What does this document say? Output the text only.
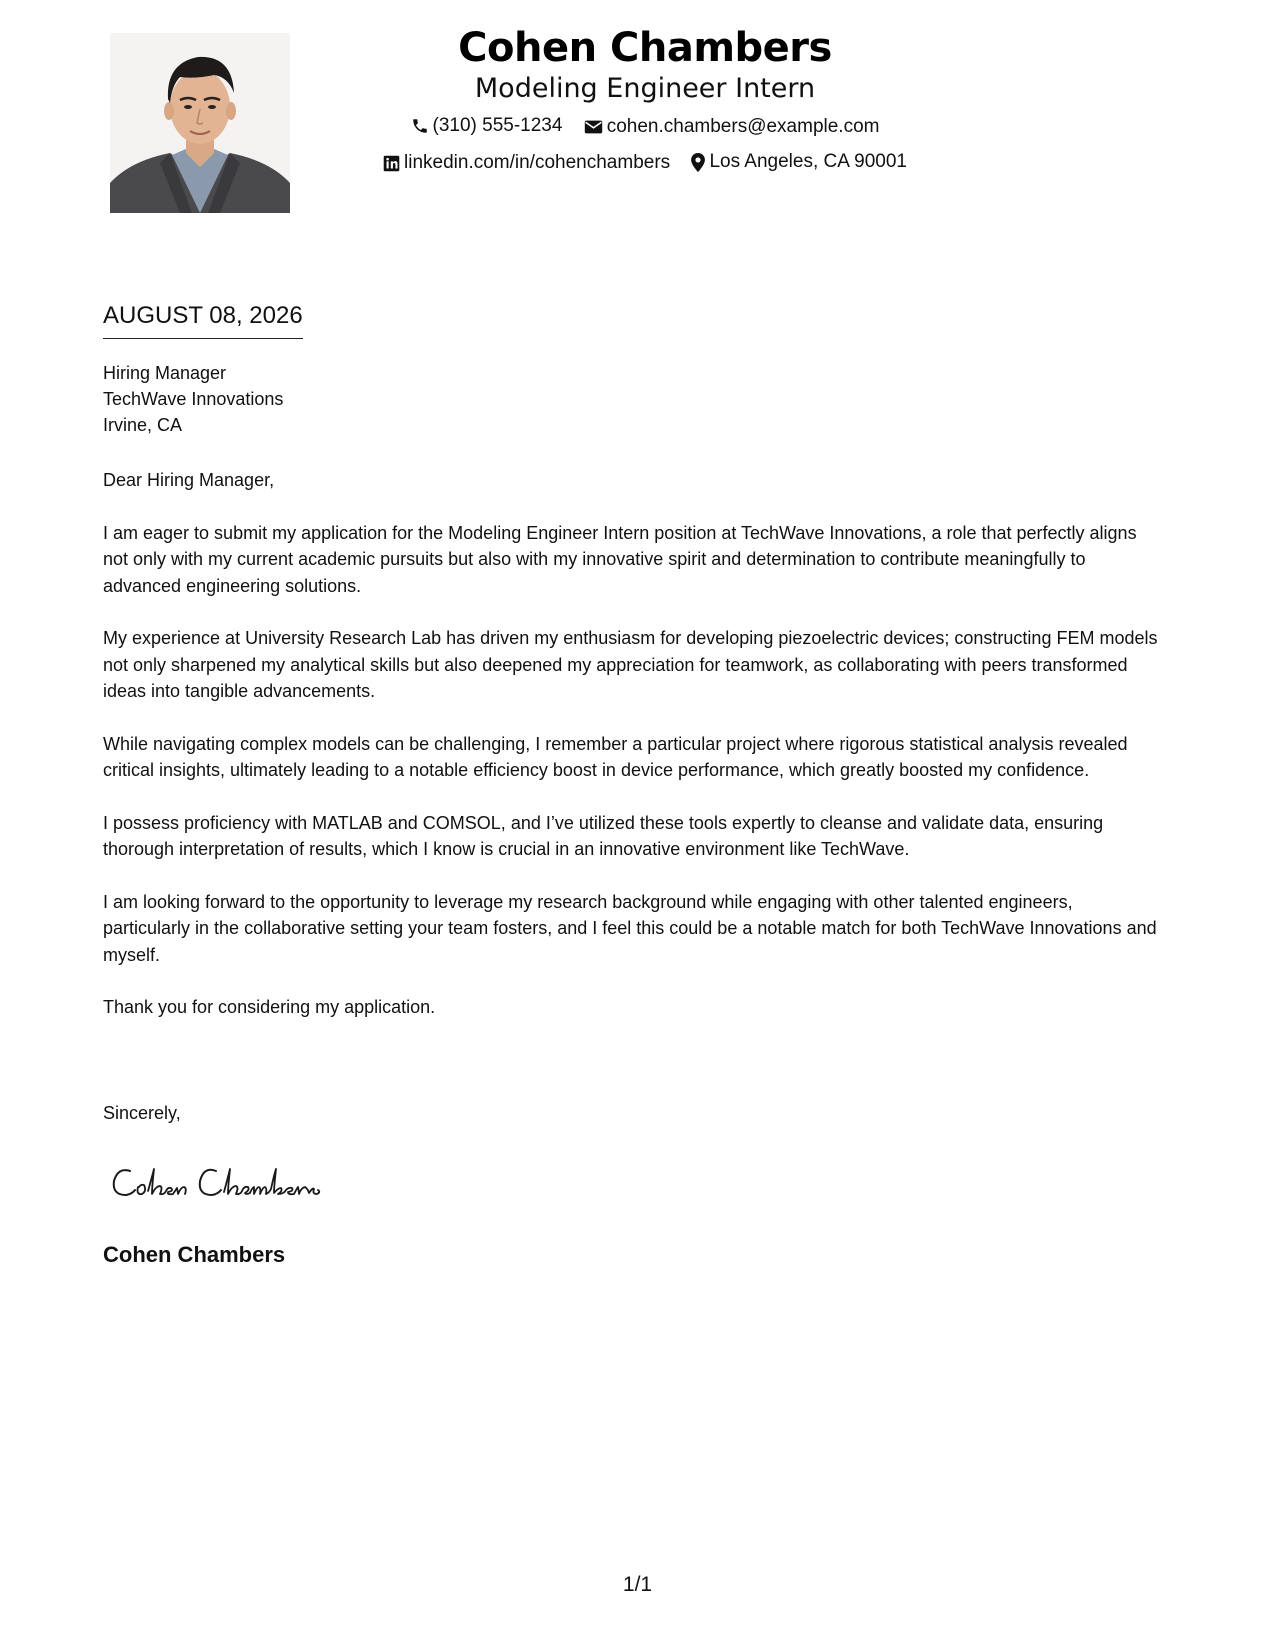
Cohen Chambers
Modeling Engineer Intern
(310) 555-1234
cohen.chambers@example.com
linkedin.com/in/cohenchambers
Los Angeles, CA 90001
AUGUST 08, 2026
Hiring Manager
TechWave Innovations
Irvine, CA

Dear Hiring Manager,

I am eager to submit my application for the Modeling Engineer Intern position at TechWave Innovations, a role that perfectly aligns not only with my current academic pursuits but also with my innovative spirit and determination to contribute meaningfully to advanced engineering solutions.

My experience at University Research Lab has driven my enthusiasm for developing piezoelectric devices; constructing FEM models not only sharpened my analytical skills but also deepened my appreciation for teamwork, as collaborating with peers transformed ideas into tangible advancements.

While navigating complex models can be challenging, I remember a particular project where rigorous statistical analysis revealed critical insights, ultimately leading to a notable efficiency boost in device performance, which greatly boosted my confidence.

I possess proficiency with MATLAB and COMSOL, and I’ve utilized these tools expertly to cleanse and validate data, ensuring thorough interpretation of results, which I know is crucial in an innovative environment like TechWave.

I am looking forward to the opportunity to leverage my research background while engaging with other talented engineers, particularly in the collaborative setting your team fosters, and I feel this could be a notable match for both TechWave Innovations and myself.

Thank you for considering my application.

Sincerely,
Cohen Chambers
1/1
